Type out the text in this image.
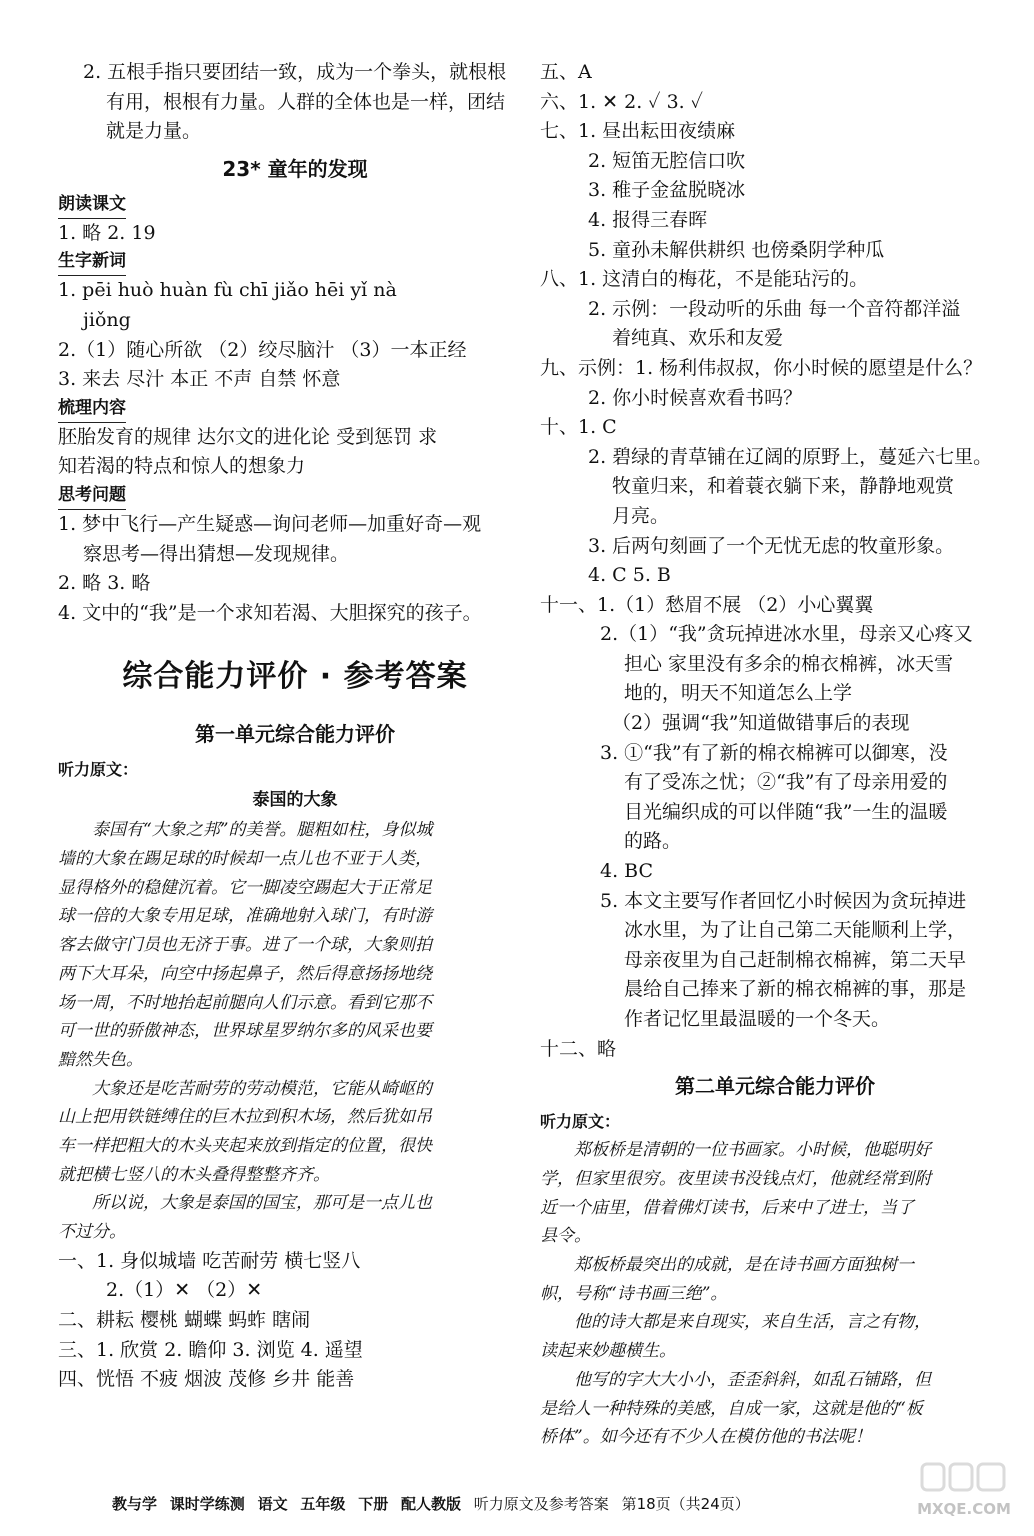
2. 五根手指只要团结一致，成为一个拳头，就根根
有用，根根有力量。人群的全体也是一样，团结
就是力量。
23* 童年的发现
朗读课文
1. 略 2. 19
生字新词
1. pēi huò huàn fù chī jiǎo hēi yǐ nà
jiǒng
2.（1）随心所欲 （2）绞尽脑汁 （3）一本正经
3. 来去 尽汁 本正 不声 自禁 怀意
梳理内容
胚胎发育的规律 达尔文的进化论 受到惩罚 求
知若渴的特点和惊人的想象力
思考问题
1. 梦中飞行—产生疑惑—询问老师—加重好奇—观
察思考—得出猜想—发现规律。
2. 略 3. 略
4. 文中的“我”是一个求知若渴、大胆探究的孩子。
综合能力评价 · 参考答案
第一单元综合能力评价
听力原文：
泰国的大象
泰国有“大象之邦”的美誉。腿粗如柱，身似城
墙的大象在踢足球的时候却一点儿也不亚于人类，
显得格外的稳健沉着。它一脚凌空踢起大于正常足
球一倍的大象专用足球，准确地射入球门，有时游
客去做守门员也无济于事。进了一个球，大象则拍
两下大耳朵，向空中扬起鼻子，然后得意扬扬地绕
场一周，不时地抬起前腿向人们示意。看到它那不
可一世的骄傲神态，世界球星罗纳尔多的风采也要
黯然失色。
大象还是吃苦耐劳的劳动模范，它能从崎岖的
山上把用铁链缚住的巨木拉到积木场，然后犹如吊
车一样把粗大的木头夹起来放到指定的位置，很快
就把横七竖八的木头叠得整整齐齐。
所以说，大象是泰国的国宝，那可是一点儿也
不过分。
一、1. 身似城墙 吃苦耐劳 横七竖八
2.（1）✕ （2）✕
二、耕耘 樱桃 蝴蝶 蚂蚱 瞎闹
三、1. 欣赏 2. 瞻仰 3. 浏览 4. 遥望
四、恍悟 不疲 烟波 茂修 乡井 能善
五、A
六、1. ✕ 2. ✓ 3. ✓
七、1. 昼出耘田夜绩麻
2. 短笛无腔信口吹
3. 稚子金盆脱晓冰
4. 报得三春晖
5. 童孙未解供耕织 也傍桑阴学种瓜
八、1. 这清白的梅花，不是能玷污的。
2. 示例：一段动听的乐曲 每一个音符都洋溢
着纯真、欢乐和友爱
九、示例：1. 杨利伟叔叔，你小时候的愿望是什么？
2. 你小时候喜欢看书吗？
十、1. C
2. 碧绿的青草铺在辽阔的原野上，蔓延六七里。
牧童归来，和着蓑衣躺下来，静静地观赏
月亮。
3. 后两句刻画了一个无忧无虑的牧童形象。
4. C 5. B
十一、1.（1）愁眉不展 （2）小心翼翼
2.（1）“我”贪玩掉进冰水里，母亲又心疼又
担心 家里没有多余的棉衣棉裤，冰天雪
地的，明天不知道怎么上学
（2）强调“我”知道做错事后的表现
3. ①“我”有了新的棉衣棉裤可以御寒，没
有了受冻之忧；②“我”有了母亲用爱的
目光编织成的可以伴随“我”一生的温暖
的路。
4. BC
5. 本文主要写作者回忆小时候因为贪玩掉进
冰水里，为了让自己第二天能顺利上学，
母亲夜里为自己赶制棉衣棉裤，第二天早
晨给自己捧来了新的棉衣棉裤的事，那是
作者记忆里最温暖的一个冬天。
十二、略
第二单元综合能力评价
听力原文：
郑板桥是清朝的一位书画家。小时候，他聪明好
学，但家里很穷。夜里读书没钱点灯，他就经常到附
近一个庙里，借着佛灯读书，后来中了进士，当了
县令。
郑板桥最突出的成就，是在诗书画方面独树一
帜，号称“诗书画三绝”。
他的诗大都是来自现实，来自生活，言之有物，
读起来妙趣横生。
他写的字大大小小，歪歪斜斜，如乱石铺路，但
是给人一种特殊的美感，自成一家，这就是他的“板
桥体”。如今还有不少人在模仿他的书法呢！
教与学 课时学练测 语文 五年级 下册 配人教版 听力原文及参考答案 第18页（共24页）	MXQE.COM
